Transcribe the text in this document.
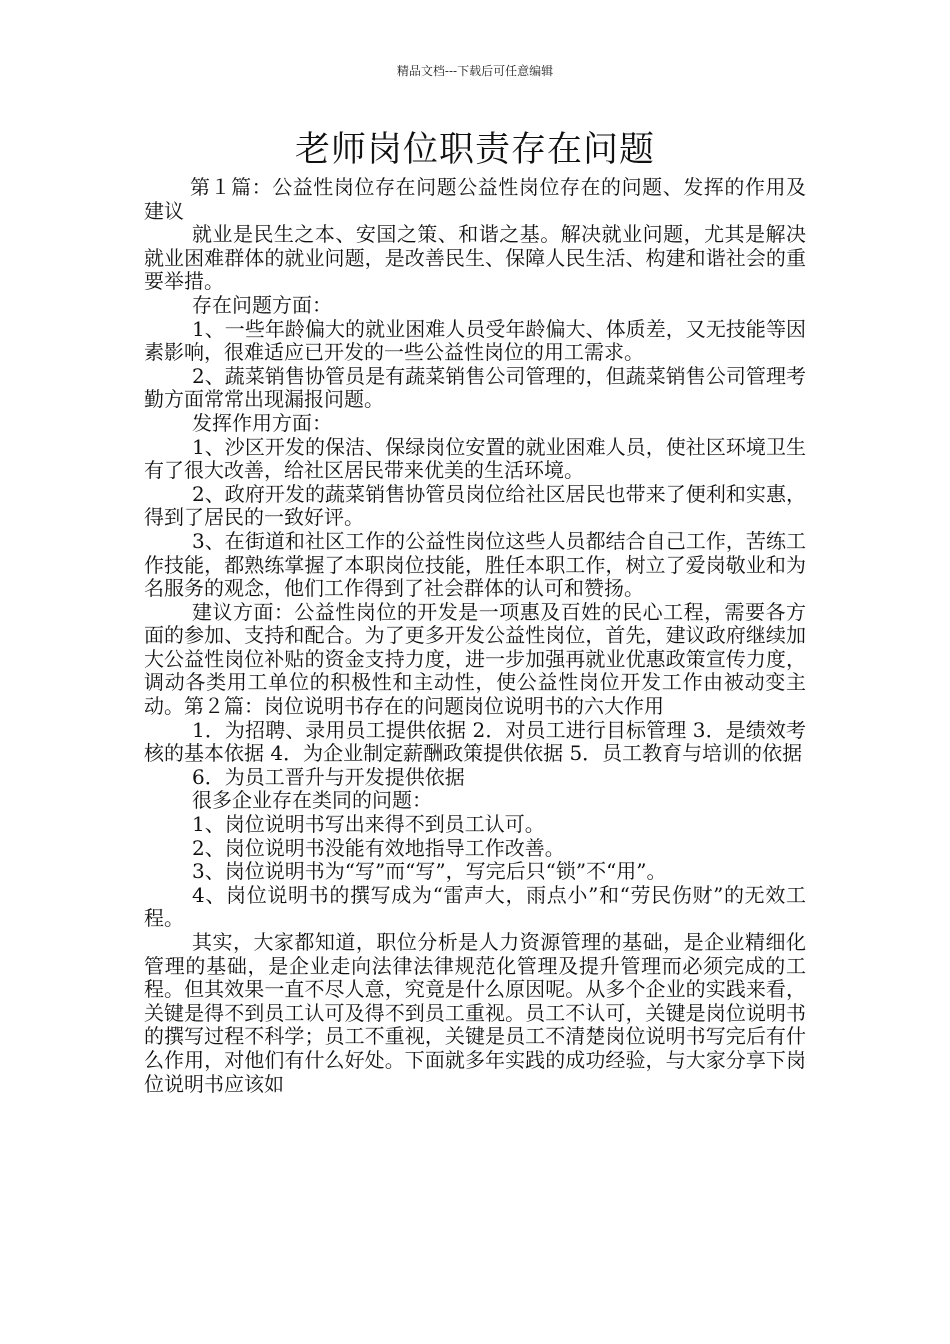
精品文档---下载后可任意编辑
老师岗位职责存在问题

第１篇：公益性岗位存在问题公益性岗位存在的问题、发挥的作用及建议

就业是民生之本、安国之策、和谐之基。解决就业问题，尤其是解决就业困难群体的就业问题，是改善民生、保障人民生活、构建和谐社会的重要举措。

存在问题方面：

1、一些年龄偏大的就业困难人员受年龄偏大、体质差，又无技能等因素影响，很难适应已开发的一些公益性岗位的用工需求。

2、蔬菜销售协管员是有蔬菜销售公司管理的，但蔬菜销售公司管理考勤方面常常出现漏报问题。

发挥作用方面：

1、沙区开发的保洁、保绿岗位安置的就业困难人员，使社区环境卫生有了很大改善，给社区居民带来优美的生活环境。

2、政府开发的蔬菜销售协管员岗位给社区居民也带来了便利和实惠，得到了居民的一致好评。

3、在街道和社区工作的公益性岗位这些人员都结合自己工作，苦练工作技能，都熟练掌握了本职岗位技能，胜任本职工作，树立了爱岗敬业和为名服务的观念，他们工作得到了社会群体的认可和赞扬。

建议方面：公益性岗位的开发是一项惠及百姓的民心工程，需要各方面的参加、支持和配合。为了更多开发公益性岗位，首先，建议政府继续加大公益性岗位补贴的资金支持力度，进一步加强再就业优惠政策宣传力度，调动各类用工单位的积极性和主动性，使公益性岗位开发工作由被动变主动。第２篇：岗位说明书存在的问题岗位说明书的六大作用

1．为招聘、录用员工提供依据 2．对员工进行目标管理 3．是绩效考核的基本依据 4．为企业制定薪酬政策提供依据 5．员工教育与培训的依据

6．为员工晋升与开发提供依据

很多企业存在类同的问题：

1、岗位说明书写出来得不到员工认可。

2、岗位说明书没能有效地指导工作改善。

3、岗位说明书为“写”而“写”，写完后只“锁”不“用”。

4、岗位说明书的撰写成为“雷声大，雨点小”和“劳民伤财”的无效工程。

其实，大家都知道，职位分析是人力资源管理的基础，是企业精细化管理的基础，是企业走向法律法律规范化管理及提升管理而必须完成的工程。但其效果一直不尽人意，究竟是什么原因呢。从多个企业的实践来看，关键是得不到员工认可及得不到员工重视。员工不认可，关键是岗位说明书的撰写过程不科学；员工不重视，关键是员工不清楚岗位说明书写完后有什么作用，对他们有什么好处。下面就多年实践的成功经验，与大家分享下岗位说明书应该如
